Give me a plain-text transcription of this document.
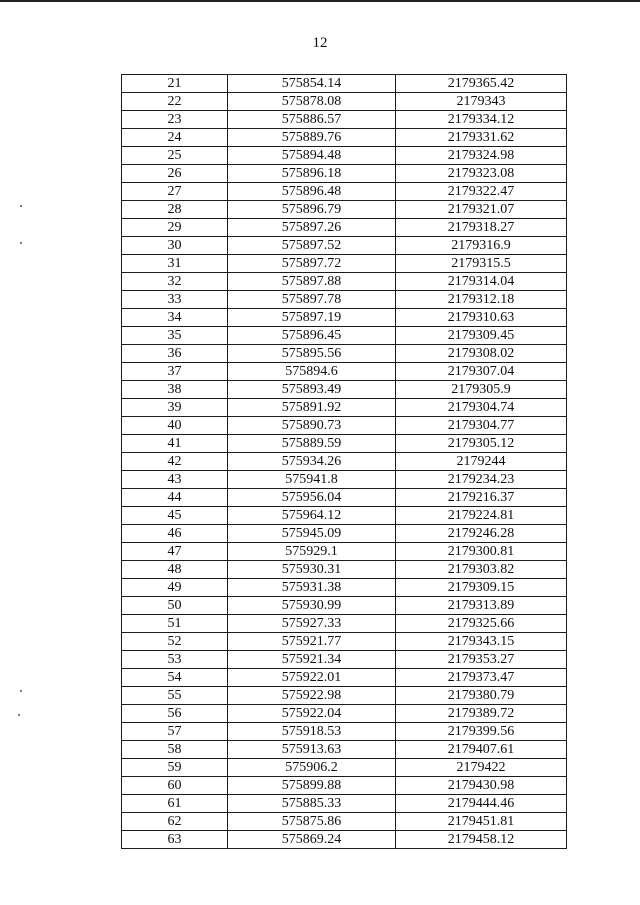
12
21	575854.14	2179365.42
22	575878.08	2179343
23	575886.57	2179334.12
24	575889.76	2179331.62
25	575894.48	2179324.98
26	575896.18	2179323.08
27	575896.48	2179322.47
28	575896.79	2179321.07
29	575897.26	2179318.27
30	575897.52	2179316.9
31	575897.72	2179315.5
32	575897.88	2179314.04
33	575897.78	2179312.18
34	575897.19	2179310.63
35	575896.45	2179309.45
36	575895.56	2179308.02
37	575894.6	2179307.04
38	575893.49	2179305.9
39	575891.92	2179304.74
40	575890.73	2179304.77
41	575889.59	2179305.12
42	575934.26	2179244
43	575941.8	2179234.23
44	575956.04	2179216.37
45	575964.12	2179224.81
46	575945.09	2179246.28
47	575929.1	2179300.81
48	575930.31	2179303.82
49	575931.38	2179309.15
50	575930.99	2179313.89
51	575927.33	2179325.66
52	575921.77	2179343.15
53	575921.34	2179353.27
54	575922.01	2179373.47
55	575922.98	2179380.79
56	575922.04	2179389.72
57	575918.53	2179399.56
58	575913.63	2179407.61
59	575906.2	2179422
60	575899.88	2179430.98
61	575885.33	2179444.46
62	575875.86	2179451.81
63	575869.24	2179458.12
